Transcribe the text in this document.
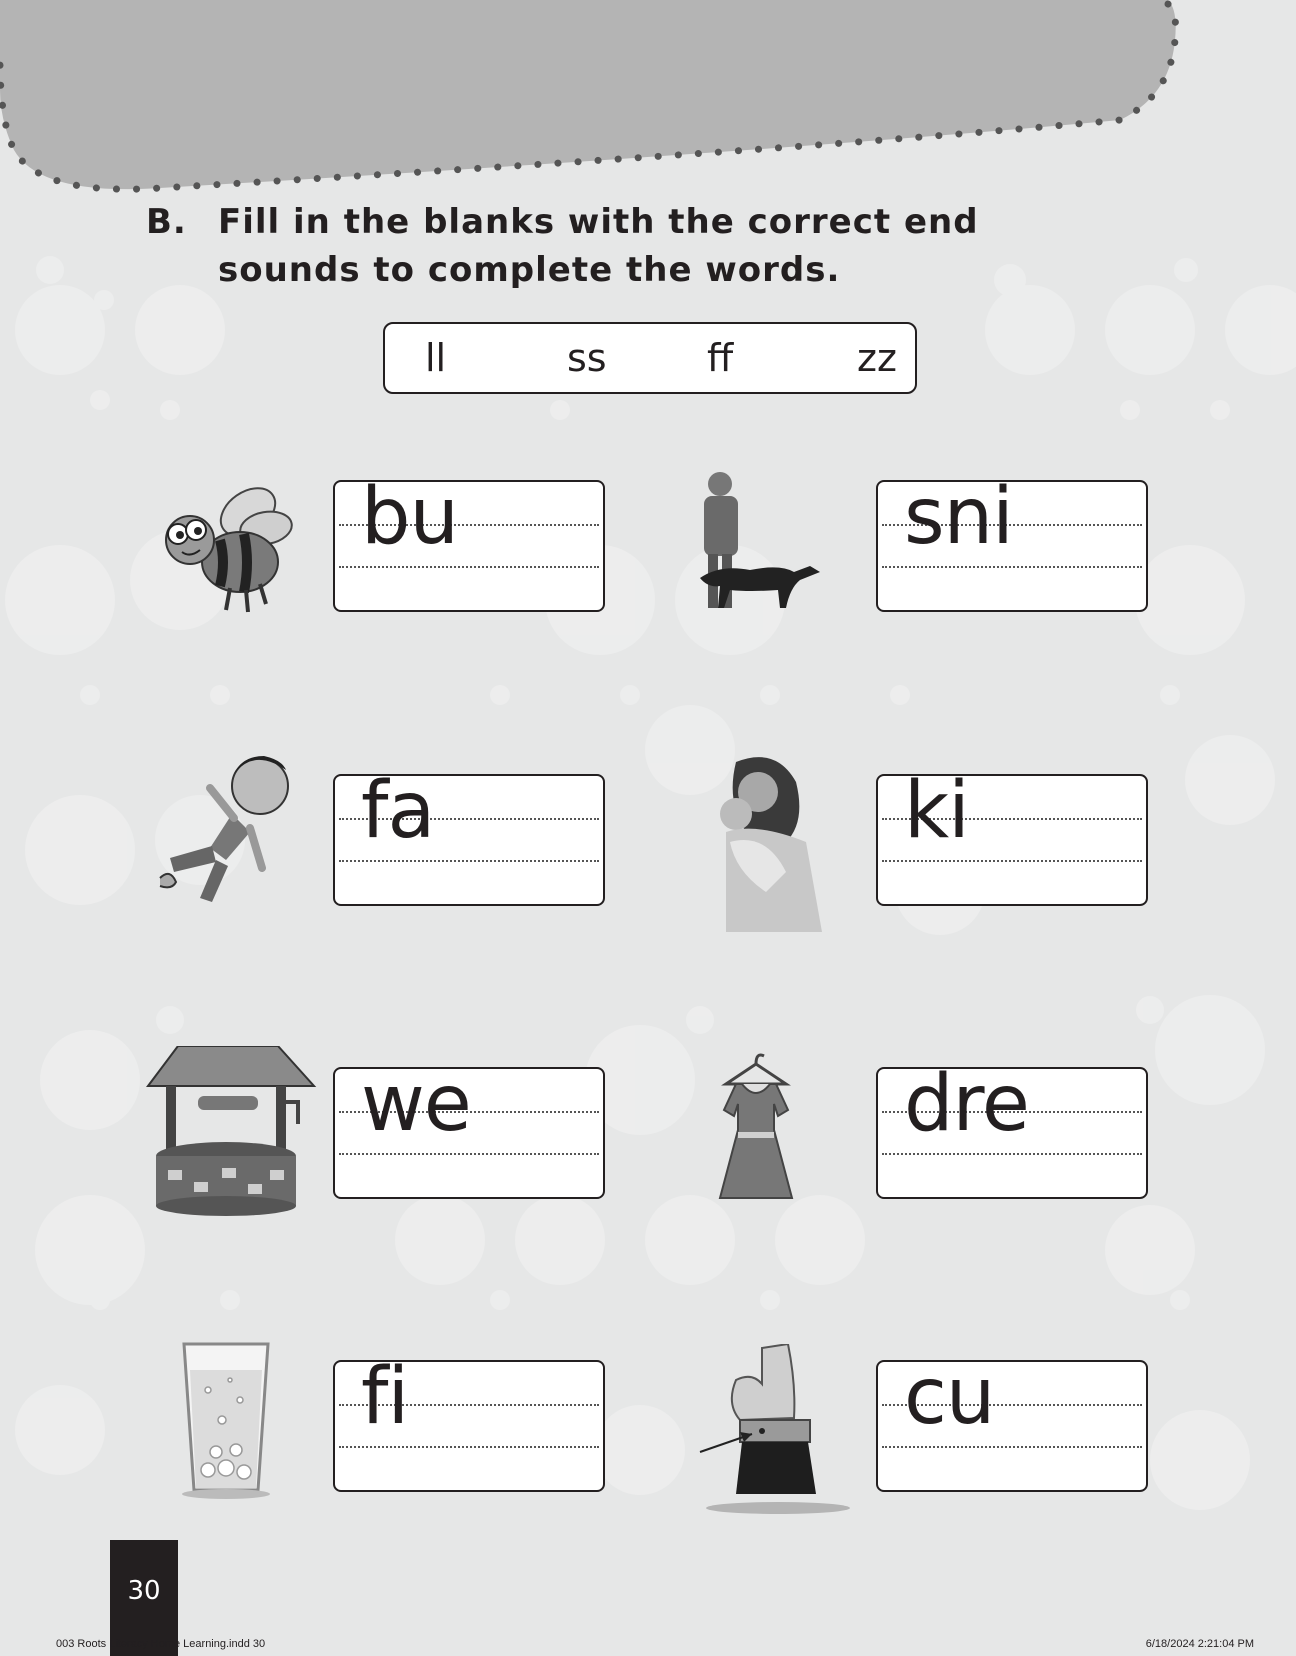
B. Fill in the blanks with the correct end sounds to complete the words.
ll	ss	ff	zz
bu	sni
fa	ki
we	dre
fi	cu
30
003 Roots Literacy Home Learning.indd 30	6/18/2024 2:21:04 PM
